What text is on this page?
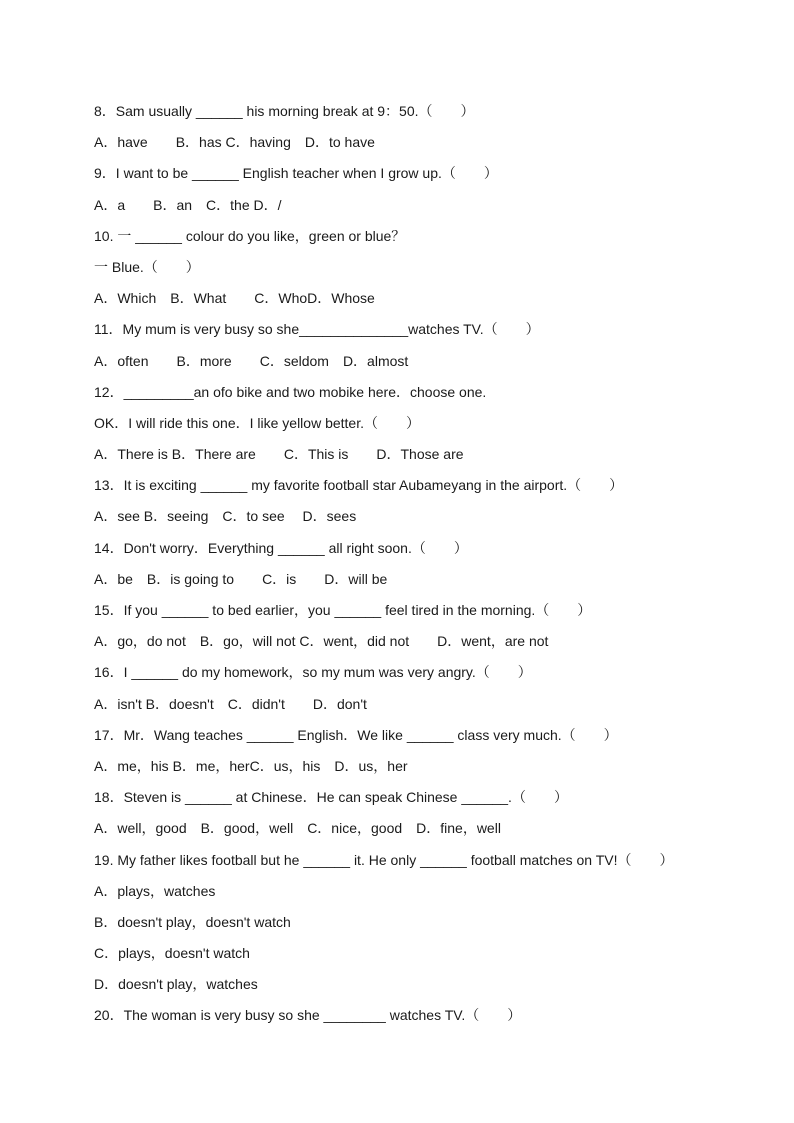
8．Sam usually ______ his morning break at 9：50.（　　）
A．have　　B．has C．having　D．to have
9．I want to be ______ English teacher when I grow up.（　　）
A．a　　B．an　C．the D．/
10. 一 ______ colour do you like，green or blue？
一 Blue.（　　）
A．Which　B．What　　C．WhoD．Whose
11．My mum is very busy so she______________watches TV.（　　）
A．often　　B．more　　C．seldom　D．almost
12．_________an ofo bike and two mobike here．choose one.
OK．I will ride this one．I like yellow better.（　　）
A．There is B．There are　　C．This is　　D．Those are
13．It is exciting ______ my favorite football star Aubameyang in the airport.（　　）
A．see B．seeing　C．to see　 D．sees
14．Don't worry．Everything ______ all right soon.（　　）
A．be　B．is going to　　C．is　　D．will be
15．If you ______ to bed earlier，you ______ feel tired in the morning.（　　）
A．go，do not　B．go，will not C．went，did not　　D．went，are not
16．I ______ do my homework，so my mum was very angry.（　　）
A．isn't B．doesn't　C．didn't　　D．don't
17．Mr．Wang teaches ______ English．We like ______ class very much.（　　）
A．me，his B．me，herC．us，his　D．us，her
18．Steven is ______ at Chinese．He can speak Chinese ______.（　　）
A．well，good　B．good，well　C．nice，good　D．fine，well
19. My father likes football but he ______ it. He only ______ football matches on TV!（　　）
A．plays，watches
B．doesn't play，doesn't watch
C．plays，doesn't watch
D．doesn't play，watches
20．The woman is very busy so she ________ watches TV.（　　）
